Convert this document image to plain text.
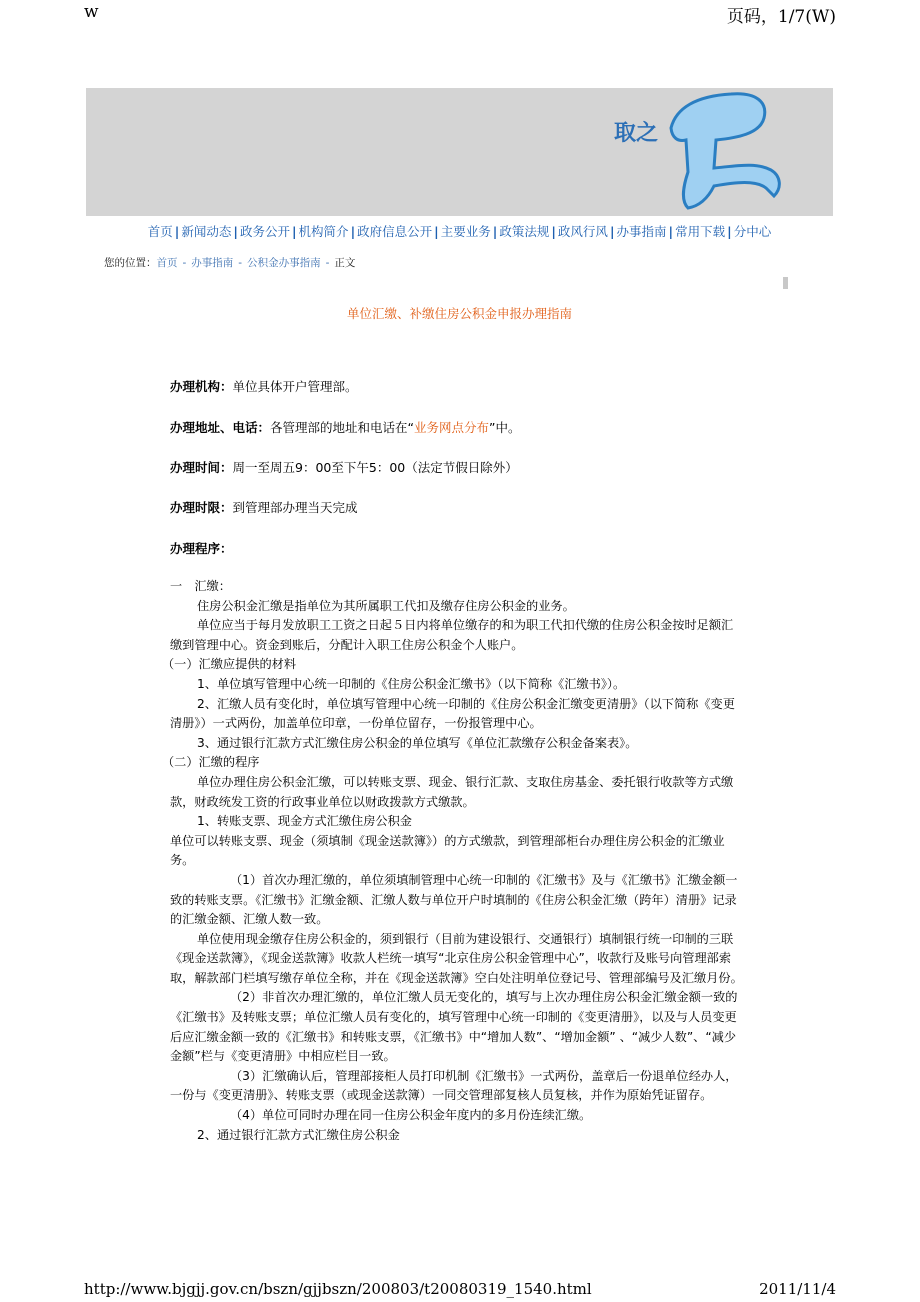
w	页码，1/7(W)
取之
首页 | 新闻动态 | 政务公开 | 机构简介 | 政府信息公开 | 主要业务 | 政策法规 | 政风行风 | 办事指南 | 常用下载 | 分中心
您的位置：首页 - 办事指南 - 公积金办事指南 - 正文
单位汇缴、补缴住房公积金申报办理指南
办理机构：单位具体开户管理部。
办理地址、电话：各管理部的地址和电话在“业务网点分布”中。
办理时间：周一至周五9：00至下午5：00（法定节假日除外）
办理时限：到管理部办理当天完成
办理程序：

一　汇缴：

住房公积金汇缴是指单位为其所属职工代扣及缴存住房公积金的业务。

单位应当于每月发放职工工资之日起５日内将单位缴存的和为职工代扣代缴的住房公积金按时足额汇缴到管理中心。资金到账后，分配计入职工住房公积金个人账户。

（一）汇缴应提供的材料

1、单位填写管理中心统一印制的《住房公积金汇缴书》（以下简称《汇缴书》）。

2、汇缴人员有变化时，单位填写管理中心统一印制的《住房公积金汇缴变更清册》（以下简称《变更清册》）一式两份，加盖单位印章，一份单位留存，一份报管理中心。

3、通过银行汇款方式汇缴住房公积金的单位填写《单位汇款缴存公积金备案表》。

（二）汇缴的程序

单位办理住房公积金汇缴，可以转账支票、现金、银行汇款、支取住房基金、委托银行收款等方式缴款，财政统发工资的行政事业单位以财政拨款方式缴款。

1、转账支票、现金方式汇缴住房公积金

单位可以转账支票、现金（须填制《现金送款簿》）的方式缴款，到管理部柜台办理住房公积金的汇缴业务。

（1）首次办理汇缴的，单位须填制管理中心统一印制的《汇缴书》及与《汇缴书》汇缴金额一致的转账支票。《汇缴书》汇缴金额、汇缴人数与单位开户时填制的《住房公积金汇缴（跨年）清册》记录的汇缴金额、汇缴人数一致。

单位使用现金缴存住房公积金的，须到银行（目前为建设银行、交通银行）填制银行统一印制的三联《现金送款簿》，《现金送款簿》收款人栏统一填写“北京住房公积金管理中心”，收款行及账号向管理部索取，解款部门栏填写缴存单位全称，并在《现金送款簿》空白处注明单位登记号、管理部编号及汇缴月份。

（2）非首次办理汇缴的，单位汇缴人员无变化的，填写与上次办理住房公积金汇缴金额一致的《汇缴书》及转账支票；单位汇缴人员有变化的，填写管理中心统一印制的《变更清册》，以及与人员变更后应汇缴金额一致的《汇缴书》和转账支票，《汇缴书》中“增加人数”、“增加金额” 、“减少人数”、“减少金额”栏与《变更清册》中相应栏目一致。

（3）汇缴确认后，管理部接柜人员打印机制《汇缴书》一式两份，盖章后一份退单位经办人，一份与《变更清册》、转账支票（或现金送款簿）一同交管理部复核人员复核，并作为原始凭证留存。

（4）单位可同时办理在同一住房公积金年度内的多月份连续汇缴。

2、通过银行汇款方式汇缴住房公积金

http://www.bjgjj.gov.cn/bszn/gjjbszn/200803/t20080319_1540.html	2011/11/4
